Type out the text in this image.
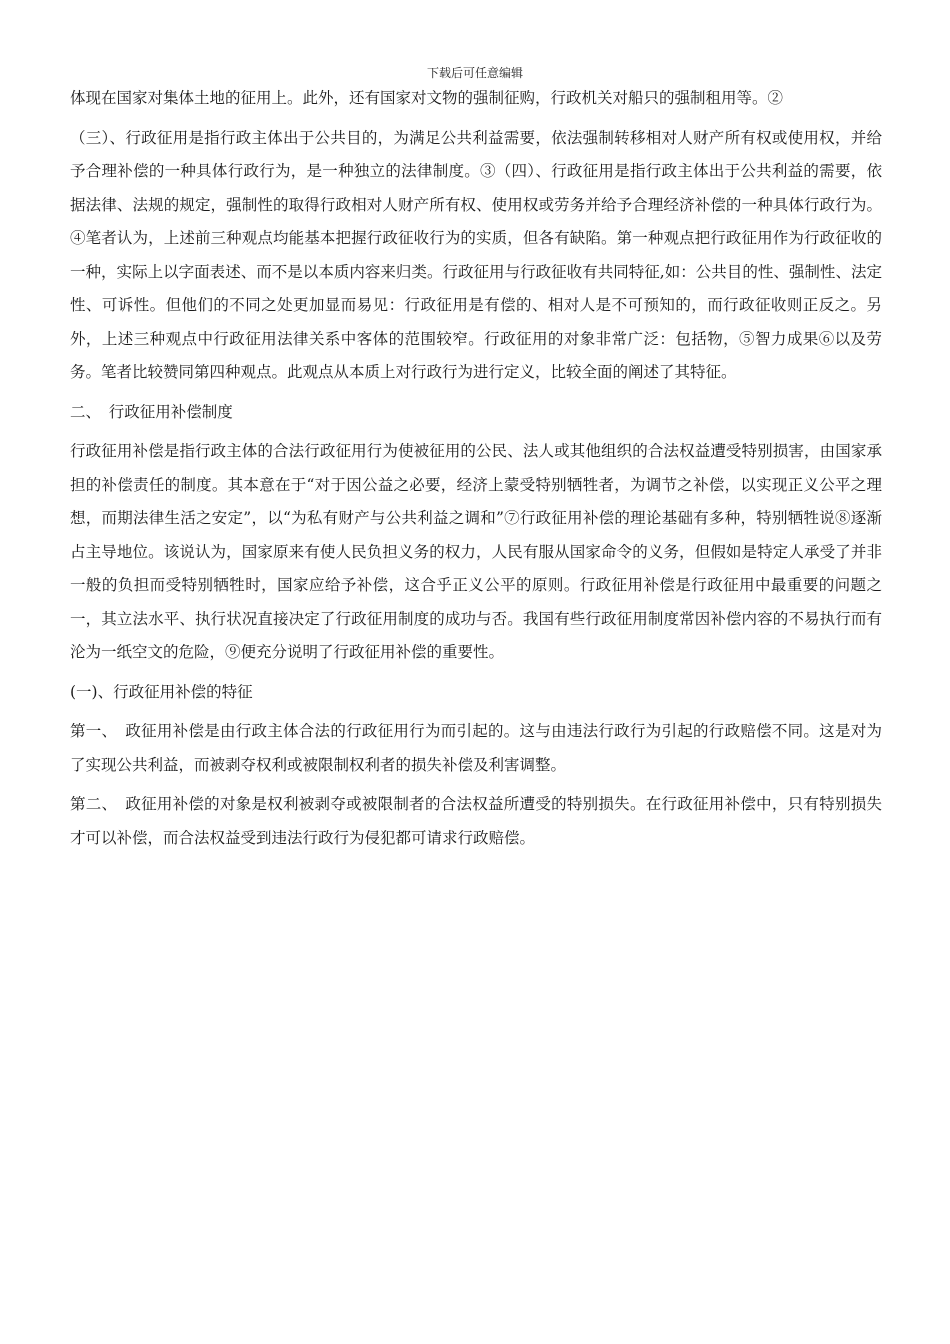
下载后可任意编辑

体现在国家对集体土地的征用上。此外，还有国家对文物的强制征购，行政机关对船只的强制租用等。②

（三）、行政征用是指行政主体出于公共目的，为满足公共利益需要，依法强制转移相对人财产所有权或使用权，并给予合理补偿的一种具体行政行为，是一种独立的法律制度。③（四）、行政征用是指行政主体出于公共利益的需要，依据法律、法规的规定，强制性的取得行政相对人财产所有权、使用权或劳务并给予合理经济补偿的一种具体行政行为。④笔者认为，上述前三种观点均能基本把握行政征收行为的实质，但各有缺陷。第一种观点把行政征用作为行政征收的一种，实际上以字面表述、而不是以本质内容来归类。行政征用与行政征收有共同特征,如：公共目的性、强制性、法定性、可诉性。但他们的不同之处更加显而易见：行政征用是有偿的、相对人是不可预知的，而行政征收则正反之。另外，上述三种观点中行政征用法律关系中客体的范围较窄。行政征用的对象非常广泛：包括物，⑤智力成果⑥以及劳务。笔者比较赞同第四种观点。此观点从本质上对行政行为进行定义，比较全面的阐述了其特征。

二、　行政征用补偿制度

行政征用补偿是指行政主体的合法行政征用行为使被征用的公民、法人或其他组织的合法权益遭受特别损害，由国家承担的补偿责任的制度。其本意在于“对于因公益之必要，经济上蒙受特别牺牲者，为调节之补偿，以实现正义公平之理想，而期法律生活之安定”，以“为私有财产与公共利益之调和”⑦行政征用补偿的理论基础有多种，特别牺牲说⑧逐渐占主导地位。该说认为，国家原来有使人民负担义务的权力，人民有服从国家命令的义务，但假如是特定人承受了并非一般的负担而受特别牺牲时，国家应给予补偿，这合乎正义公平的原则。行政征用补偿是行政征用中最重要的问题之一，其立法水平、执行状况直接决定了行政征用制度的成功与否。我国有些行政征用制度常因补偿内容的不易执行而有沦为一纸空文的危险，⑨便充分说明了行政征用补偿的重要性。

(一)、行政征用补偿的特征

第一、　政征用补偿是由行政主体合法的行政征用行为而引起的。这与由违法行政行为引起的行政赔偿不同。这是对为了实现公共利益，而被剥夺权利或被限制权利者的损失补偿及利害调整。

第二、　政征用补偿的对象是权利被剥夺或被限制者的合法权益所遭受的特别损失。在行政征用补偿中，只有特别损失才可以补偿，而合法权益受到违法行政行为侵犯都可请求行政赔偿。
